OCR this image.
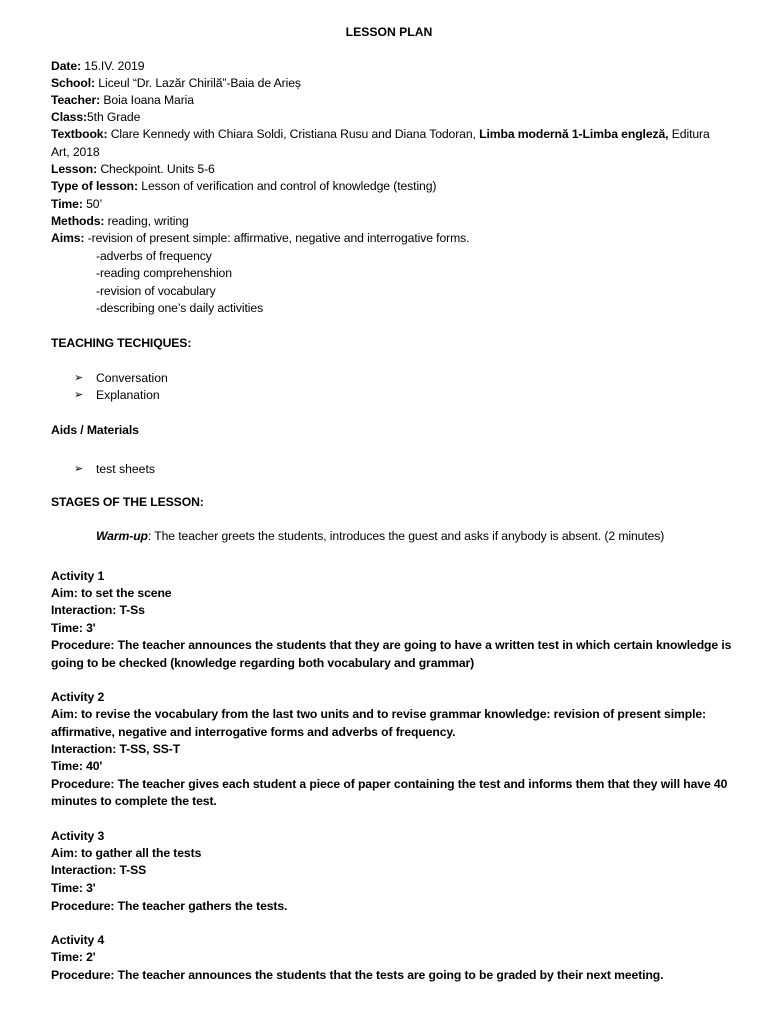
LESSON PLAN
Date: 15.IV. 2019
School: Liceul “Dr. Lazăr Chirilă”-Baia de Arieș
Teacher: Boia Ioana Maria
Class:5th Grade
Textbook: Clare Kennedy with Chiara Soldi, Cristiana Rusu and Diana Todoran, Limba modernă 1-Limba engleză, Editura
Art, 2018
Lesson: Checkpoint. Units 5-6
Type of lesson: Lesson of verification and control of knowledge (testing)
Time: 50’
Methods: reading, writing
Aims: -revision of present simple: affirmative, negative and interrogative forms.
-adverbs of frequency
-reading comprehenshion
-revision of vocabulary
-describing one’s daily activities
TEACHING TECHIQUES:
➢ Conversation
➢ Explanation
Aids / Materials
➢ test sheets
STAGES OF THE LESSON:
Warm-up: The teacher greets the students, introduces the guest and asks if anybody is absent. (2 minutes)
Activity 1
Aim: to set the scene
Interaction: T-Ss
Time: 3'
Procedure: The teacher announces the students that they are going to have a written test in which certain knowledge is
going to be checked (knowledge regarding both vocabulary and grammar)
Activity 2
Aim: to revise the vocabulary from the last two units and to revise grammar knowledge: revision of present simple:
affirmative, negative and interrogative forms and adverbs of frequency.
Interaction: T-SS, SS-T
Time: 40'
Procedure: The teacher gives each student a piece of paper containing the test and informs them that they will have 40
minutes to complete the test.
Activity 3
Aim: to gather all the tests
Interaction: T-SS
Time: 3'
Procedure: The teacher gathers the tests.
Activity 4
Time: 2'
Procedure: The teacher announces the students that the tests are going to be graded by their next meeting.
